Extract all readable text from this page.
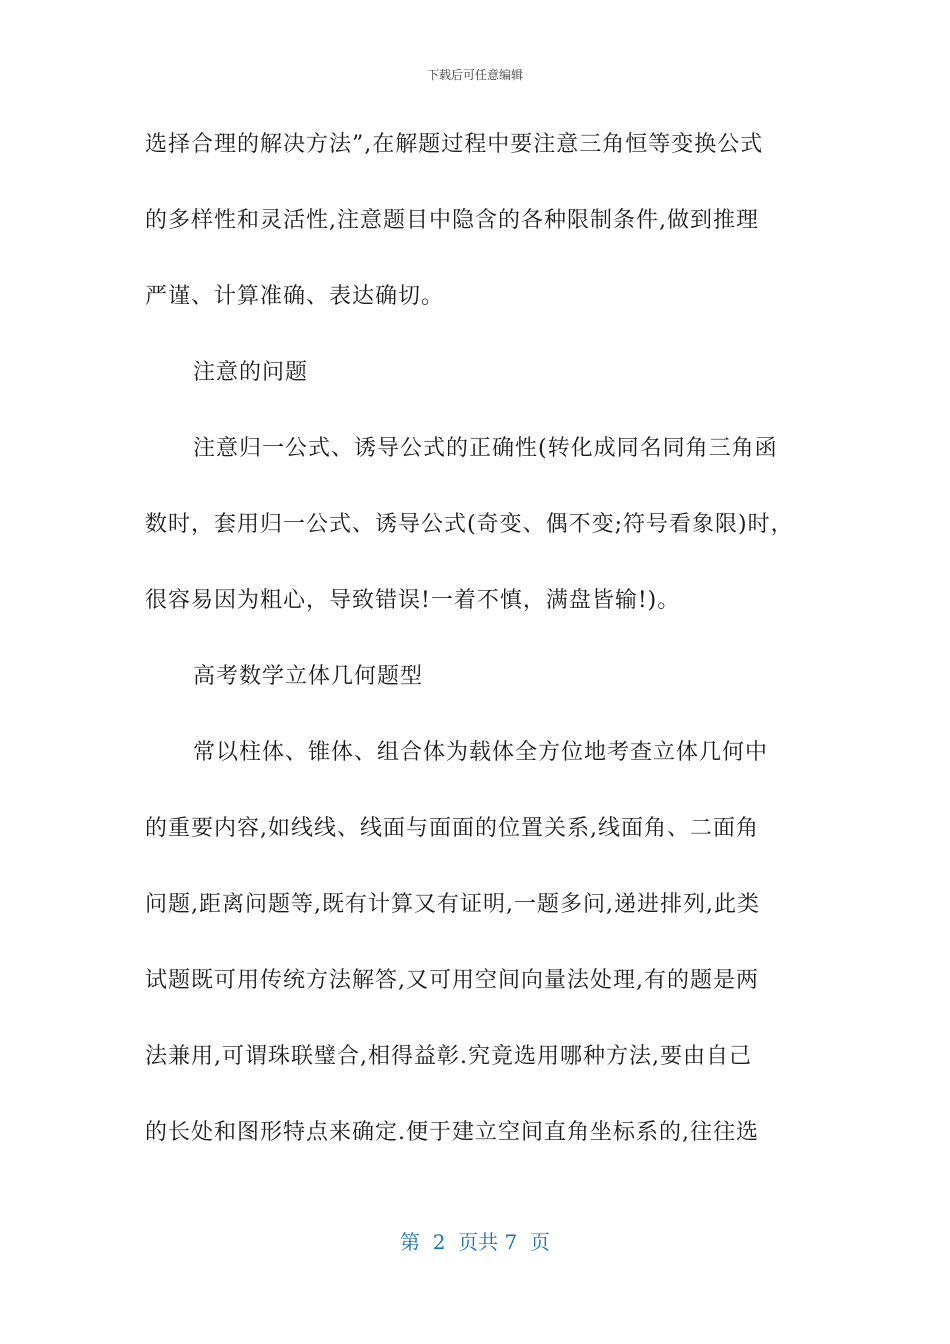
下载后可任意编辑
选择合理的解决方法”,在解题过程中要注意三角恒等变换公式
的多样性和灵活性,注意题目中隐含的各种限制条件,做到推理
严谨、计算准确、表达确切。
注意的问题
注意归一公式、诱导公式的正确性(转化成同名同角三角函
数时，套用归一公式、诱导公式(奇变、偶不变;符号看象限)时，
很容易因为粗心，导致错误!一着不慎，满盘皆输!)。
高考数学立体几何题型
常以柱体、锥体、组合体为载体全方位地考查立体几何中
的重要内容,如线线、线面与面面的位置关系,线面角、二面角
问题,距离问题等,既有计算又有证明,一题多问,递进排列,此类
试题既可用传统方法解答,又可用空间向量法处理,有的题是两
法兼用,可谓珠联璧合,相得益彰.究竟选用哪种方法,要由自己
的长处和图形特点来确定.便于建立空间直角坐标系的,往往选
第  2  页共 7  页
